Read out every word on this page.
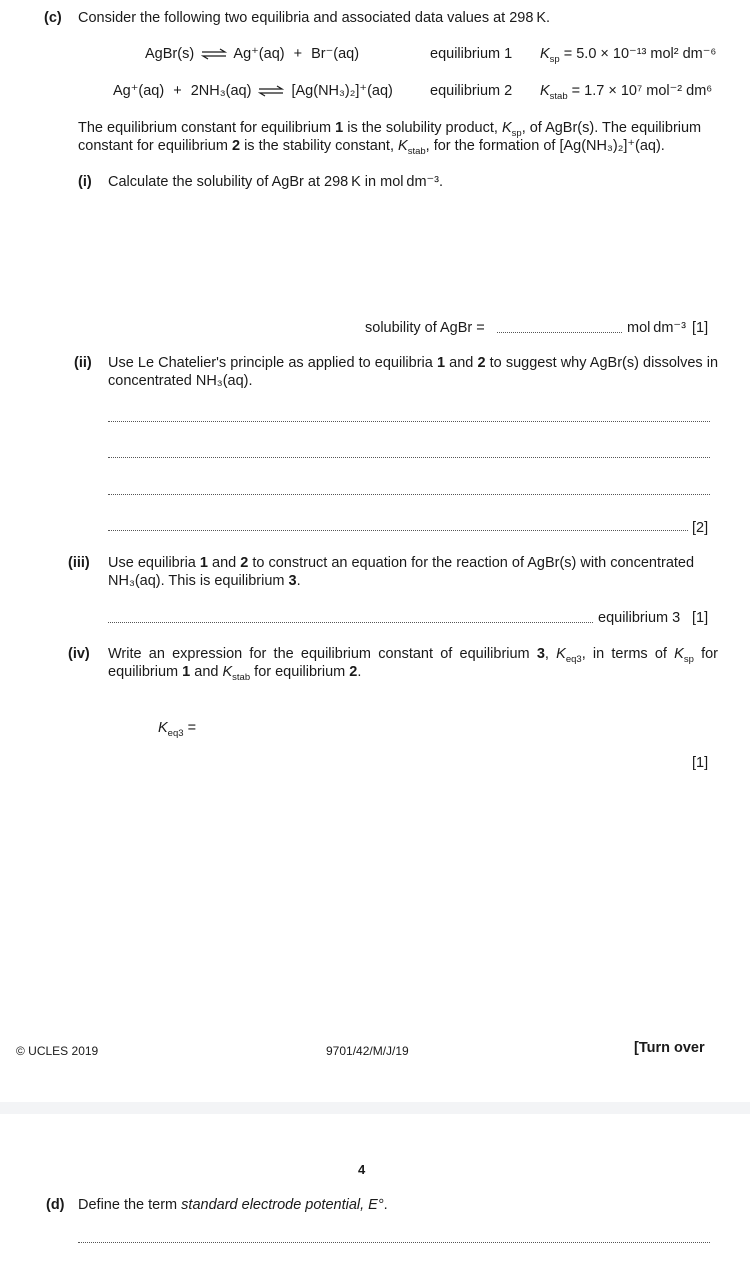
(c) Consider the following two equilibria and associated data values at 298 K.
AgBr(s) ⇌ Ag⁺(aq) + Br⁻(aq)	equilibrium 1 $K_{sp} = 5.0 \times 10^{-13}$ mol² dm⁻⁶
Ag⁺(aq) + 2NH₃(aq) ⇌ [Ag(NH₃)₂]⁺(aq)	equilibrium 2 $K_{stab} = 1.7 \times 10^7$ mol⁻² dm⁶
The equilibrium constant for equilibrium 1 is the solubility product, $K_{sp}$, of AgBr(s). The equilibrium constant for equilibrium 2 is the stability constant, $K_{stab}$, for the formation of [Ag(NH₃)₂]⁺(aq).
(i) Calculate the solubility of AgBr at 298 K in mol dm⁻³.
solubility of AgBr =	mol dm⁻³ [1]
(ii) Use Le Chatelier's principle as applied to equilibria 1 and 2 to suggest why AgBr(s) dissolves in concentrated NH₃(aq).
[2]
(iii) Use equilibria 1 and 2 to construct an equation for the reaction of AgBr(s) with concentrated NH₃(aq). This is equilibrium 3.
equilibrium 3 [1]
(iv) Write an expression for the equilibrium constant of equilibrium 3, $K_{eq3}$, in terms of $K_{sp}$ for equilibrium 1 and $K_{stab}$ for equilibrium 2.
$K_{eq3}$ =
[1]
© UCLES 2019	9701/42/M/J/19	[Turn over
4
(d) Define the term standard electrode potential, E°.
